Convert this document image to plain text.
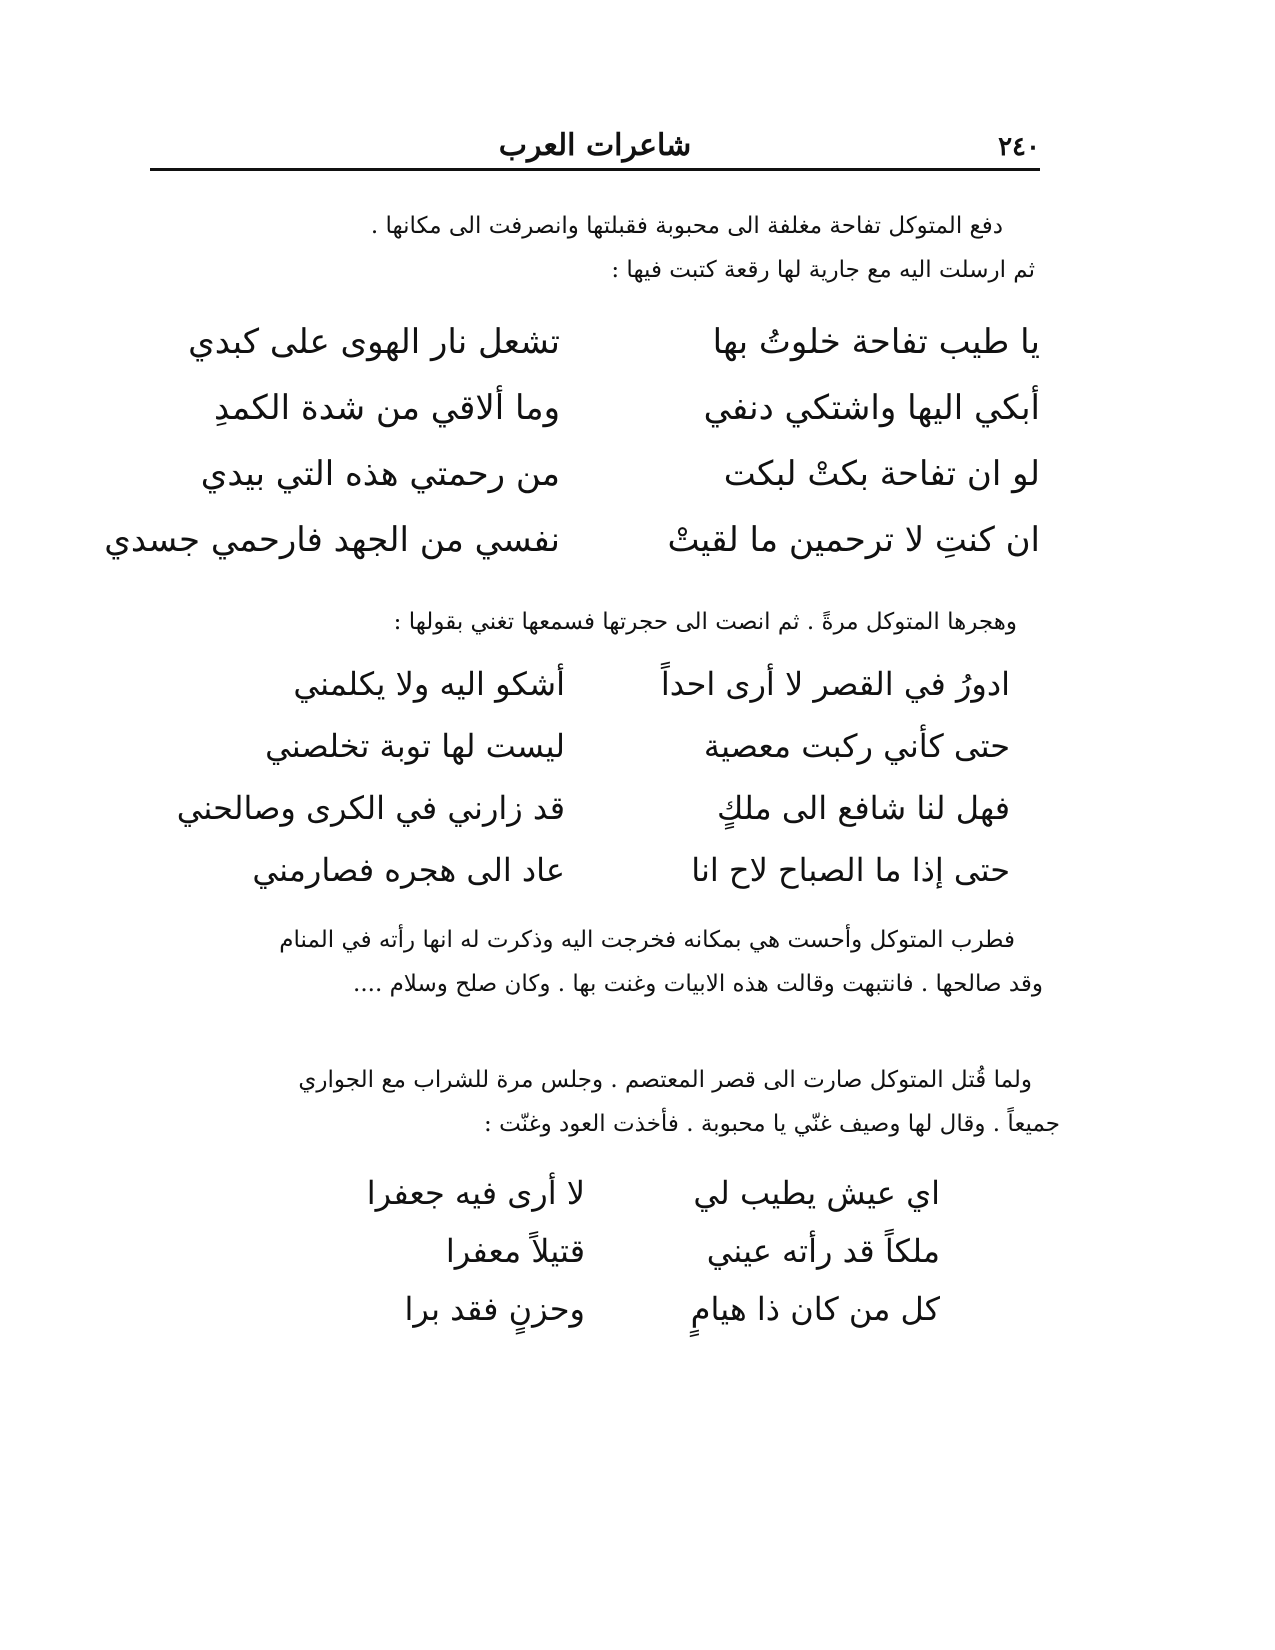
شاعرات العرب	٢٤٠
دفع المتوكل تفاحة مغلفة الى محبوبة فقبلتها وانصرفت الى مكانها .
ثم ارسلت اليه مع جارية لها رقعة كتبت فيها :
يا طيب تفاحة خلوتُ بها
تشعل نار الهوى على كبدي
أبكي اليها واشتكي دنفي
وما ألاقي من شدة الكمدِ
لو ان تفاحة بكتْ لبكت
من رحمتي هذه التي بيدي
ان كنتِ لا ترحمين ما لقيتْ
نفسي من الجهد فارحمي جسدي
وهجرها المتوكل مرةً . ثم انصت الى حجرتها فسمعها تغني بقولها :
ادورُ في القصر لا أرى احداً
أشكو اليه ولا يكلمني
حتى كأني ركبت معصية
ليست لها توبة تخلصني
فهل لنا شافع الى ملكٍ
قد زارني في الكرى وصالحني
حتى إذا ما الصباح لاح انا
عاد الى هجره فصارمني
فطرب المتوكل وأحست هي بمكانه فخرجت اليه وذكرت له انها رأته في المنام
وقد صالحها . فانتبهت وقالت هذه الابيات وغنت بها . وكان صلح وسلام ....
ولما قُتل المتوكل صارت الى قصر المعتصم . وجلس مرة للشراب مع الجواري
جميعاً . وقال لها وصيف غنّي يا محبوبة . فأخذت العود وغنّت :
اي عيش يطيب لي
لا أرى فيه جعفرا
ملكاً قد رأته عيني
قتيلاً معفرا
كل من كان ذا هيامٍ
وحزنٍ فقد برا
